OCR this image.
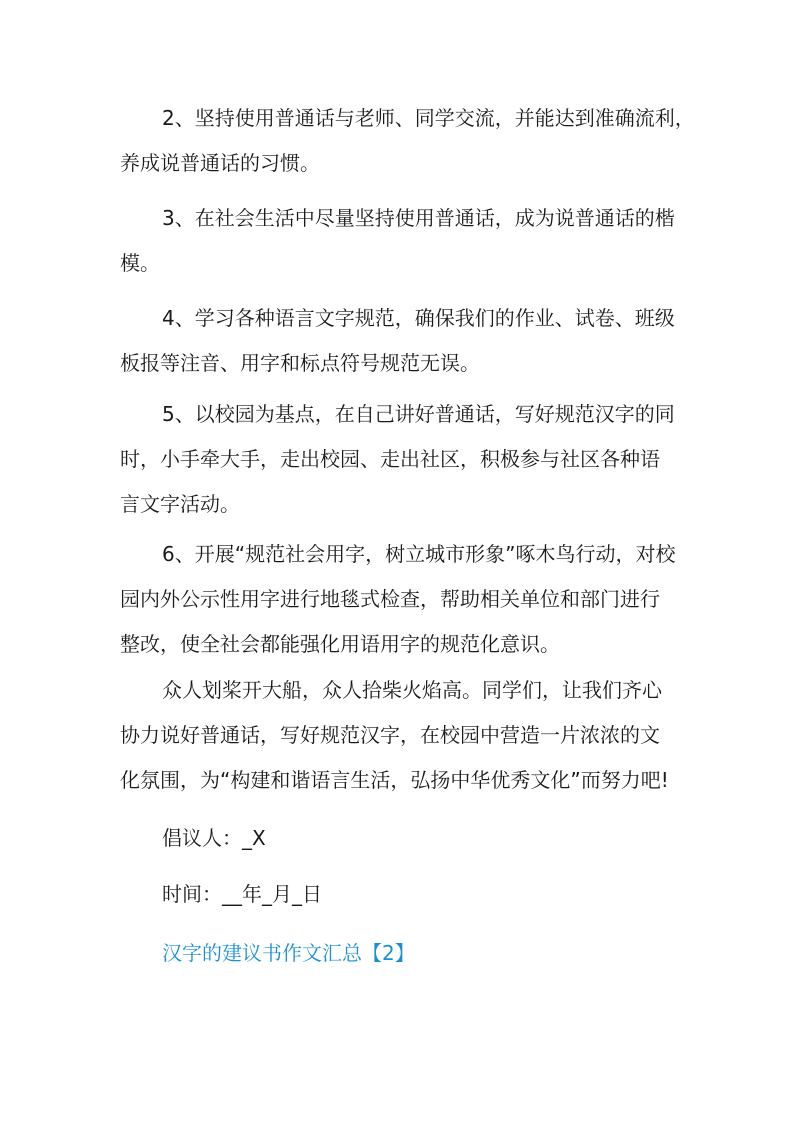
2、坚持使用普通话与老师、同学交流，并能达到准确流利，
养成说普通话的习惯。

3、在社会生活中尽量坚持使用普通话，成为说普通话的楷
模。

4、学习各种语言文字规范，确保我们的作业、试卷、班级
板报等注音、用字和标点符号规范无误。

5、以校园为基点，在自己讲好普通话，写好规范汉字的同
时，小手牵大手，走出校园、走出社区，积极参与社区各种语
言文字活动。

6、开展“规范社会用字，树立城市形象”啄木鸟行动，对校
园内外公示性用字进行地毯式检查，帮助相关单位和部门进行
整改，使全社会都能强化用语用字的规范化意识。

众人划桨开大船，众人拾柴火焰高。同学们，让我们齐心
协力说好普通话，写好规范汉字，在校园中营造一片浓浓的文
化氛围，为“构建和谐语言生活，弘扬中华优秀文化”而努力吧!

倡议人：_X

时间：__年_月_日

汉字的建议书作文汇总【2】
